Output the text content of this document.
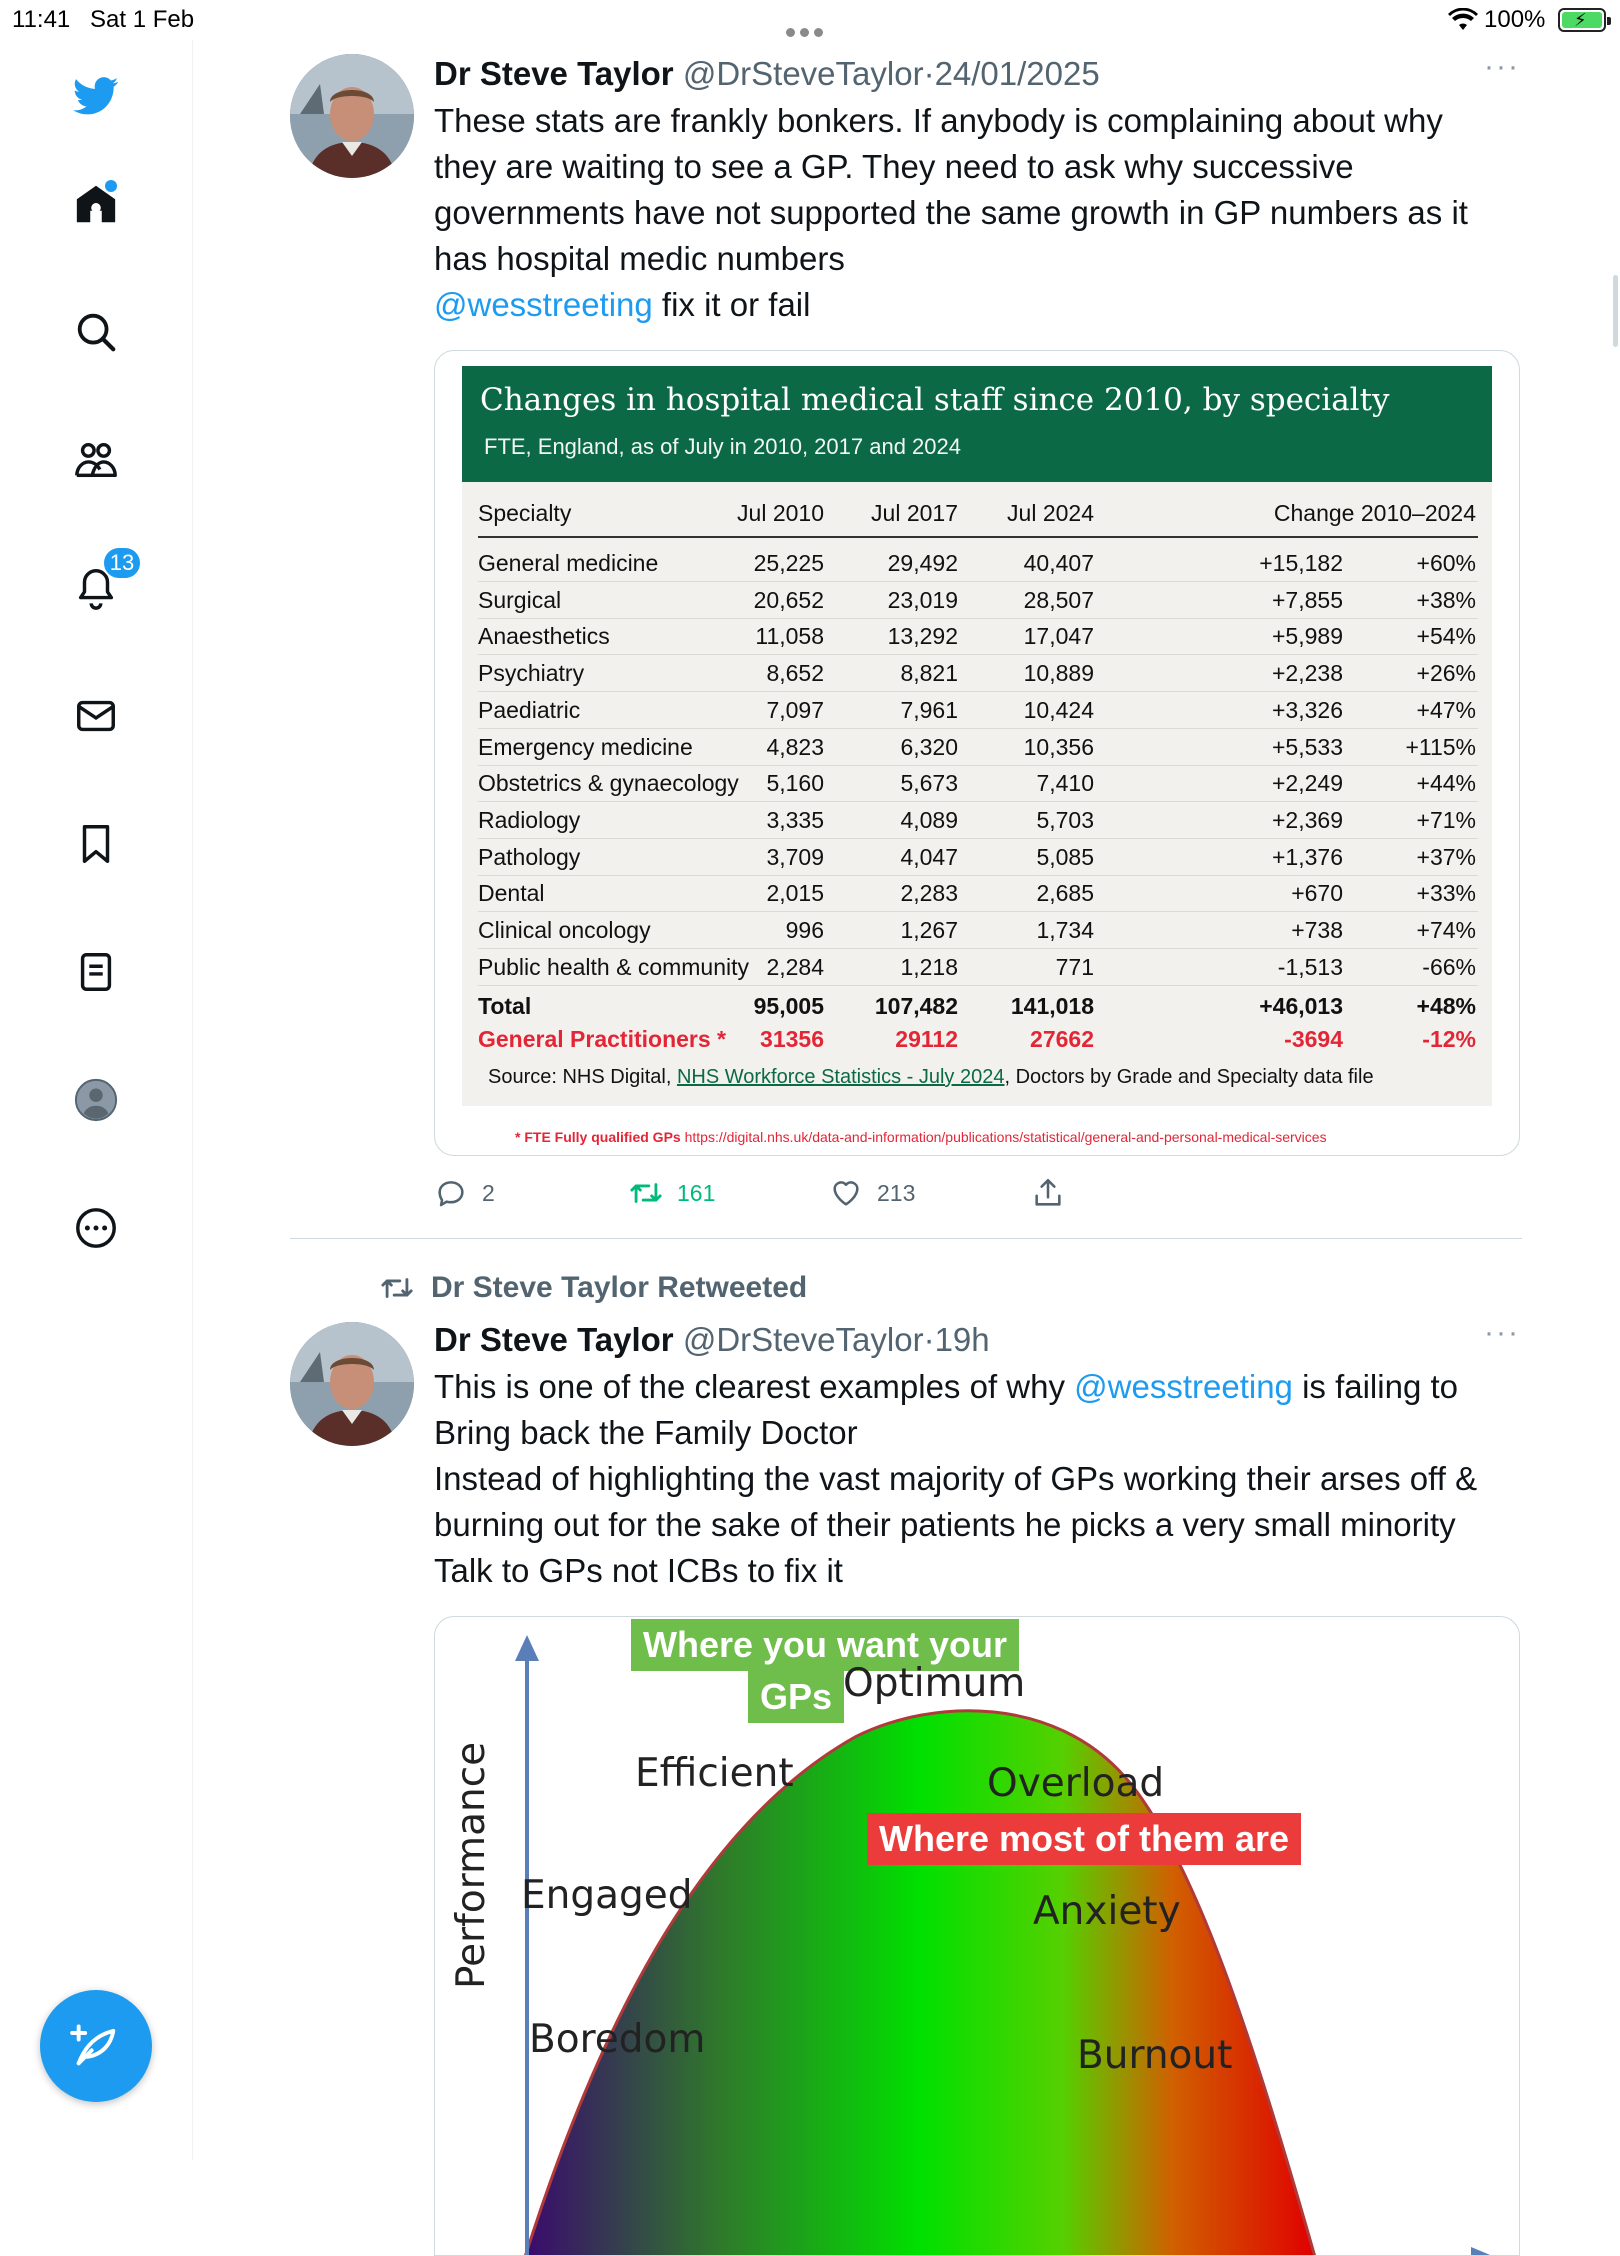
11:41 Sat 1 Feb	100% ⚡
13
Dr Steve Taylor @DrSteveTaylor·24/01/2025	···
These stats are frankly bonkers. If anybody is complaining about why
they are waiting to see a GP. They need to ask why successive
governments have not supported the same growth in GP numbers as it
has hospital medic numbers
@wesstreeting fix it or fail
Changes in hospital medical staff since 2010, by specialty
FTE, England, as of July in 2010, 2017 and 2024
Specialty	Jul 2010 Jul 2017 Jul 2024	Change 2010–2024
General medicine	25,225	29,492	40,407	+15,182	+60%
Surgical	20,652	23,019	28,507	+7,855	+38%
Anaesthetics	11,058	13,292	17,047	+5,989	+54%
Psychiatry	8,652	8,821	10,889	+2,238	+26%
Paediatric	7,097	7,961	10,424	+3,326	+47%
Emergency medicine	4,823	6,320	10,356	+5,533	+115%
Obstetrics & gynaecology 5,160	5,673	7,410	+2,249	+44%
Radiology	3,335	4,089	5,703	+2,369	+71%
Pathology	3,709	4,047	5,085	+1,376	+37%
Dental	2,015	2,283	2,685	+670	+33%
Clinical oncology	996	1,267	1,734	+738	+74%
Public health & community 2,284	1,218	771	-1,513	-66%
Total	95,005 107,482 141,018	+46,013	+48%
General Practitioners * 31356	29112	27662	-3694	-12%
Source: NHS Digital, NHS Workforce Statistics - July 2024, Doctors by Grade and Specialty data file
* FTE Fully qualified GPs https://digital.nhs.uk/data-and-information/publications/statistical/general-and-personal-medical-services
2	161	213
Dr Steve Taylor Retweeted
Dr Steve Taylor @DrSteveTaylor·19h	···
This is one of the clearest examples of why @wesstreeting is failing to
Bring back the Family Doctor
Instead of highlighting the vast majority of GPs working their arses off &
burning out for the sake of their patients he picks a very small minority
Talk to GPs not ICBs to fix it
Performance
Where you want your
GPs Optimum
Efficient	Overload
Where most of them are
Engaged	Anxiety
Boredom	Burnout
